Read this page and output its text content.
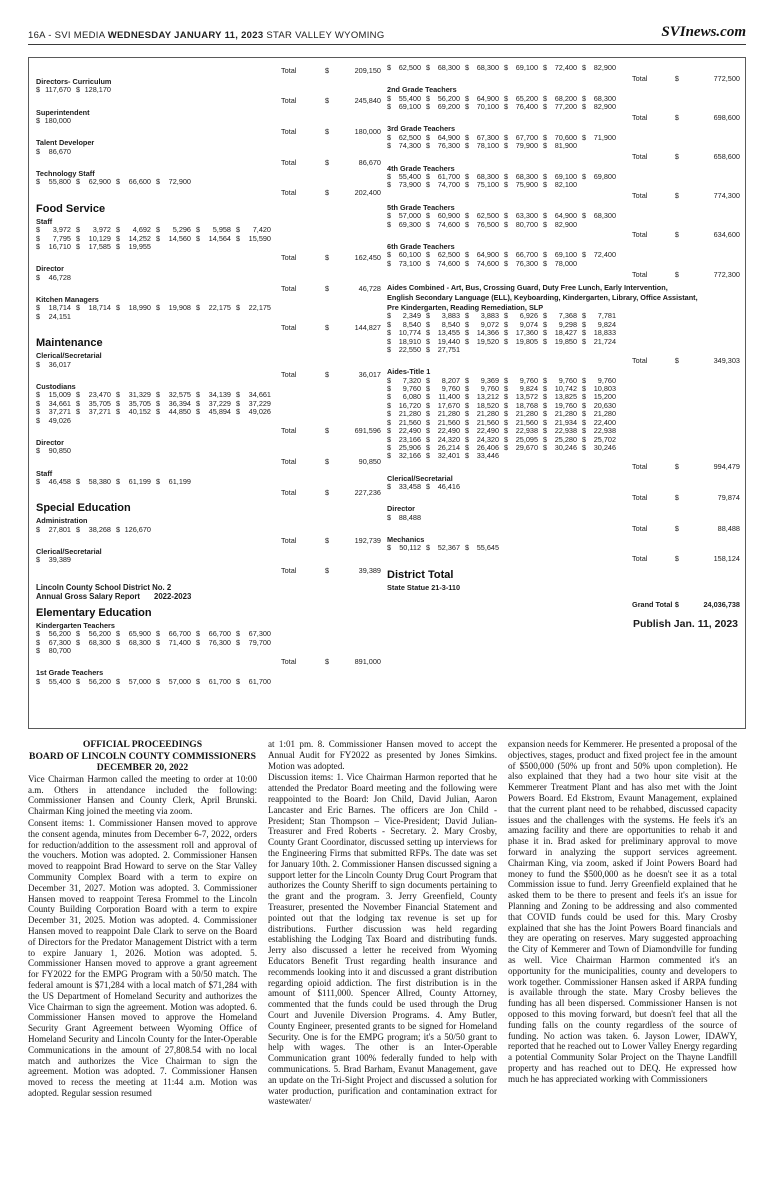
16A - SVI MEDIA WEDNESDAY JANUARY 11, 2023 STAR VALLEY WYOMING	SVInews.com
Total	$	209,150
Directors- Curriculum
$ 117,670 $ 128,170
Total	$	245,840
Superintendent
$ 180,000
Total	$	180,000
Talent Developer
$	86,670
Total	$	86,670
Technology Staff
$	55,800 $	62,900 $	66,600 $	72,900
Total	$	202,400
Food Service
Staff
$	3,972 $	3,972 $	4,692 $	5,296 $	5,958 $	7,420
$	7,795 $	10,129 $	14,252 $	14,560 $	14,564 $	15,590
$	16,710 $	17,585 $	19,955
Total	$	162,450
Director
$	46,728
Total	$	46,728
Kitchen Managers
$	18,714 $	18,714 $	18,990 $	19,908 $	22,175 $	22,175
$	24,151
Total	$	144,827
Maintenance
Clerical/Secretarial
$	36,017
Total	$	36,017
Custodians
$	15,009 $	23,470 $	31,329 $	32,575 $	34,139 $	34,661
$	34,661 $	35,705 $	35,705 $	36,394 $	37,229 $	37,229
$	37,271 $	37,271 $	40,152 $	44,850 $	45,894 $	49,026
$	49,026
Total	$	691,596
Director
$	90,850
Total	$	90,850
Staff
$	46,458 $	58,380 $	61,199 $	61,199
Total	$	227,236
Special Education
Administration
$	27,801 $	38,268 $ 126,670
Total	$	192,739
Clerical/Secretarial
$	39,389
Total	$	39,389
Lincoln County School District No. 2
Annual Gross Salary Report 2022-2023
Elementary Education
Kindergarten Teachers
$	56,200 $	56,200 $	65,900 $	66,700 $	66,700 $	67,300
$	67,300 $	68,300 $	68,300 $	71,400 $	76,300 $	79,700
$	80,700
Total	$	891,000
1st Grade Teachers
$	55,400 $	56,200 $	57,000 $	57,000 $	61,700 $	61,700
$	62,500 $	68,300 $	68,300 $	69,100 $	72,400 $	82,900
Total	$	772,500
2nd Grade Teachers
$	55,400 $	56,200 $	64,900 $	65,200 $	68,200 $	68,300
$	69,100 $	69,200 $	70,100 $	76,400 $	77,200 $	82,900
Total	$	698,600
3rd Grade Teachers
$	62,500 $	64,900 $	67,300 $	67,700 $	70,600 $	71,900
$	74,300 $	76,300 $	78,100 $	79,900 $	81,900
Total	$	658,600
4th Grade Teachers
$	55,400 $	61,700 $	68,300 $	68,300 $	69,100 $	69,800
$	73,900 $	74,700 $	75,100 $	75,900 $	82,100
Total	$	774,300
5th Grade Teachers
$	57,000 $	60,900 $	62,500 $	63,300 $	64,900 $	68,300
$	69,300 $	74,600 $	76,500 $	80,700 $	82,900
Total	$	634,600
6th Grade Teachers
$	60,100 $	62,500 $	64,900 $	66,700 $	69,100 $	72,400
$	73,100 $	74,600 $	74,600 $	76,300 $	78,000
Total	$	772,300
Aides Combined - Art, Bus, Crossing Guard, Duty Free Lunch, Early Intervention,
English Secondary Language (ELL), Keyboarding, Kindergarten, Library, Office Assistant,
Pre Kindergarten, Reading Remediation, SLP
$	2,349 $	3,883 $	3,883 $	6,926 $	7,368 $	7,781
$	8,540 $	8,540 $	9,072 $	9,074 $	9,298 $	9,824
$	10,774 $	13,455 $	14,366 $	17,360 $	18,427 $	18,833
$	18,910 $	19,440 $	19,520 $	19,805 $	19,850 $	21,724
$	22,550 $	27,751
Total	$	349,303
Aides-Title 1
$	7,320 $	8,207 $	9,369 $	9,760 $	9,760 $	9,760
$	9,760 $	9,760 $	9,760 $	9,824 $	10,742 $	10,803
$	6,080 $	11,400 $	13,212 $	13,572 $	13,825 $	15,200
$	16,720 $	17,670 $	18,520 $	18,768 $	19,760 $	20,630
$	21,280 $	21,280 $	21,280 $	21,280 $	21,280 $	21,280
$	21,560 $	21,560 $	21,560 $	21,560 $	21,934 $	22,400
$	22,490 $	22,490 $	22,490 $	22,938 $	22,938 $	22,938
$	23,166 $	24,320 $	24,320 $	25,095 $	25,280 $	25,702
$	25,906 $	26,214 $	26,406 $	29,670 $	30,246 $	30,246
$	32,166 $	32,401 $	33,446
Total	$	994,479
Clerical/Secretarial
$	33,458 $	46,416
Total	$	79,874
Director
$	88,488
Total	$	88,488
Mechanics
$	50,112 $	52,367 $	55,645
Total	$	158,124
District Total
State Statue 21-3-110
Grand Total $	24,036,738
Publish Jan. 11, 2023
OFFICIAL PROCEEDINGS
BOARD OF LINCOLN COUNTY COMMISSIONERS
DECEMBER 20, 2022

Vice Chairman Harmon called the meeting to order at 10:00 a.m. Others in attendance included the following: Commissioner Hansen and County Clerk, April Brunski. Chairman King joined the meeting via zoom.

Consent items: 1. Commissioner Hansen moved to approve the consent agenda, minutes from December 6-7, 2022, orders for reduction/addition to the assessment roll and approval of the vouchers. Motion was adopted. 2. Commissioner Hansen moved to reappoint Brad Howard to serve on the Star Valley Community Complex Board with a term to expire on December 31, 2027. Motion was adopted. 3. Commissioner Hansen moved to reappoint Teresa Frommel to the Lincoln County Building Corporation Board with a term to expire December 31, 2025. Motion was adopted. 4. Commissioner Hansen moved to reappoint Dale Clark to serve on the Board of Directors for the Predator Management District with a term to expire January 1, 2026. Motion was adopted. 5. Commissioner Hansen moved to approve a grant agreement for FY2022 for the EMPG Program with a 50/50 match. The federal amount is $71,284 with a local match of $71,284 with the US Department of Homeland Security and authorizes the Vice Chairman to sign the agreement. Motion was adopted. 6. Commissioner Hansen moved to approve the Homeland Security Grant Agreement between Wyoming Office of Homeland Security and Lincoln County for the Inter-Operable Communications in the amount of 27,808.54 with no local match and authorizes the Vice Chairman to sign the agreement. Motion was adopted. 7. Commissioner Hansen moved to recess the meeting at 11:44 a.m. Motion was adopted. Regular session resumed

at 1:01 pm. 8. Commissioner Hansen moved to accept the Annual Audit for FY2022 as presented by Jones Simkins. Motion was adopted.

Discussion items: 1. Vice Chairman Harmon reported that he attended the Predator Board meeting and the following were reappointed to the Board: Jon Child, David Julian, Aaron Lancaster and Eric Barnes. The officers are Jon Child - President; Stan Thompson – Vice-President; David Julian- Treasurer and Fred Roberts - Secretary. 2. Mary Crosby, County Grant Coordinator, discussed setting up interviews for the Engineering Firms that submitted RFPs. The date was set for January 10th. 2. Commissioner Hansen discussed signing a support letter for the Lincoln County Drug Court Program that authorizes the County Sheriff to sign documents pertaining to the grant and the program. 3. Jerry Greenfield, County Treasurer, presented the November Financial Statement and pointed out that the lodging tax revenue is set up for distributions. Further discussion was held regarding establishing the Lodging Tax Board and distributing funds. Jerry also discussed a letter he received from Wyoming Educators Benefit Trust regarding health insurance and recommends looking into it and discussed a grant distribution regarding opioid addiction. The first distribution is in the amount of $111,000. Spencer Allred, County Attorney, commented that the funds could be used through the Drug Court and Juvenile Diversion Programs. 4. Amy Butler, County Engineer, presented grants to be signed for Homeland Security. One is for the EMPG program; it's a 50/50 grant to help with wages. The other is an Inter-Operable Communication grant 100% federally funded to help with communications. 5. Brad Barham, Evanut Management, gave an update on the Tri-Sight Project and discussed a solution for water production, purification and contamination extract for wastewater/

expansion needs for Kemmerer. He presented a proposal of the objectives, stages, product and fixed project fee in the amount of $500,000 (50% up front and 50% upon completion). He also explained that they had a two hour site visit at the Kemmerer Treatment Plant and has also met with the Joint Powers Board. Ed Ekstrom, Evaunt Management, explained that the current plant need to be rehabbed, discussed capacity issues and the challenges with the systems. He feels it's an amazing facility and there are opportunities to rehab it and phase it in. Brad asked for preliminary approval to move forward in analyzing the support services agreement. Chairman King, via zoom, asked if Joint Powers Board had money to fund the $500,000 as he doesn't see it as a total Commission issue to fund. Jerry Greenfield explained that he asked them to be there to present and feels it's an issue for Planning and Zoning to be addressing and also commented that COVID funds could be used for this. Mary Crosby explained that she has the Joint Powers Board financials and they are operating on reserves. Mary suggested approaching the City of Kemmerer and Town of Diamondville for funding as well. Vice Chairman Harmon commented it's an opportunity for the municipalities, county and developers to work together. Commissioner Hansen asked if ARPA funding is available through the state. Mary Crosby believes the funding has all been dispersed. Commissioner Hansen is not opposed to this moving forward, but doesn't feel that all the funding falls on the county regardless of the source of funding. No action was taken. 6. Jayson Lower, IDAWY, reported that he reached out to Lower Valley Energy regarding a potential Community Solar Project on the Thayne Landfill property and has reached out to DEQ. He expressed how much he has appreciated working with Commissioners
